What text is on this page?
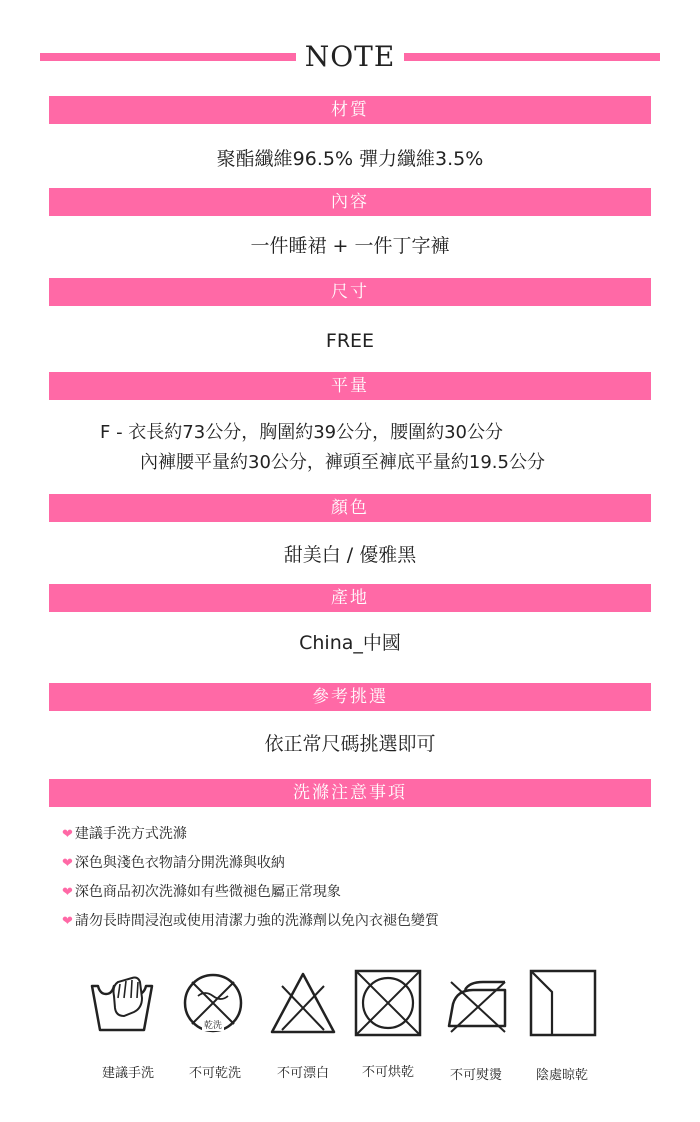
NOTE
材質
聚酯纖維96.5% 彈力纖維3.5%
內容
一件睡裙 + 一件丁字褲
尺寸
FREE
平量
F - 衣長約73公分，胸圍約39公分，腰圍約30公分
內褲腰平量約30公分，褲頭至褲底平量約19.5公分
顏色
甜美白 / 優雅黑
產地
China_中國
參考挑選
依正常尺碼挑選即可
洗滌注意事項
❤ 建議手洗方式洗滌
❤ 深色與淺色衣物請分開洗滌與收納
❤ 深色商品初次洗滌如有些微褪色屬正常現象
❤ 請勿長時間浸泡或使用清潔力強的洗滌劑以免內衣褪色變質
乾洗
建議手洗	不可乾洗	不可漂白	不可烘乾	不可熨燙	陰處晾乾
